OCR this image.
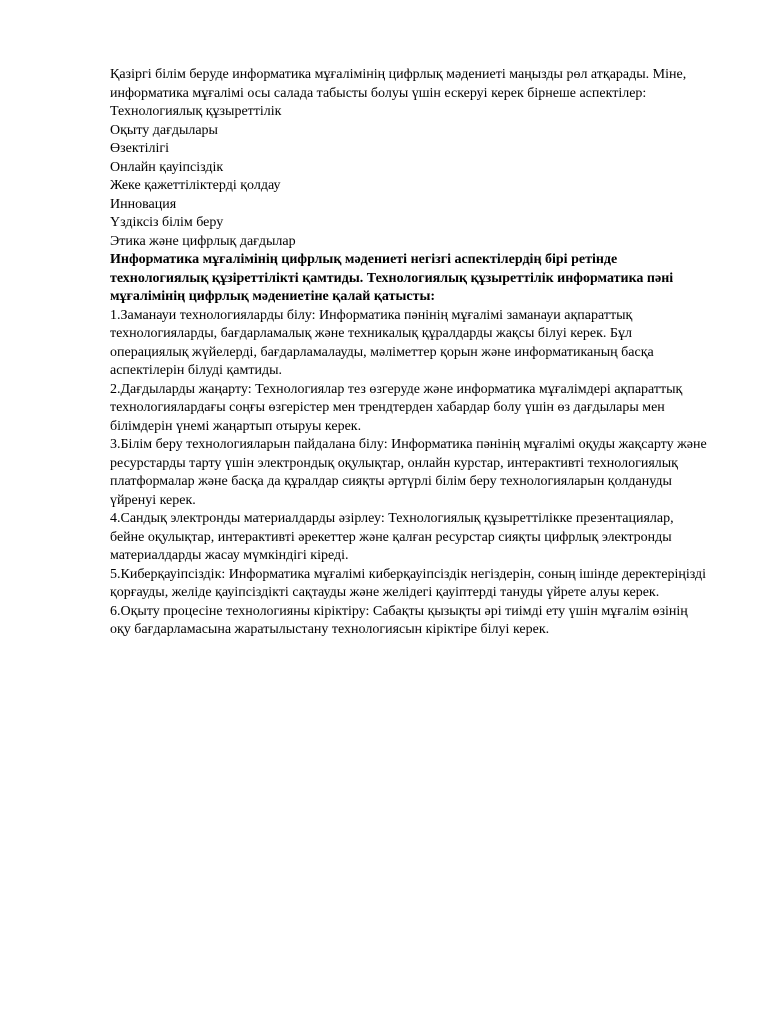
Қазіргі білім беруде информатика мұғалімінің цифрлық мәдениеті маңызды рөл атқарады. Міне, информатика мұғалімі осы салада табысты болуы үшін ескеруі керек бірнеше аспектілер:

Технологиялық құзыреттілік

Оқыту дағдылары

Өзектілігі

Онлайн қауіпсіздік

Жеке қажеттіліктерді қолдау

Инновация

Үздіксіз білім беру

Этика және цифрлық дағдылар

Информатика мұғалімінің цифрлық мәдениеті негізгі аспектілердің бірі ретінде технологиялық құзіреттілікті қамтиды. Технологиялық құзыреттілік информатика пәні мұғалімінің цифрлық мәдениетіне қалай қатысты:

1.Заманауи технологияларды білу: Информатика пәнінің мұғалімі заманауи ақпараттық технологияларды, бағдарламалық және техникалық құралдарды жақсы білуі керек. Бұл операциялық жүйелерді, бағдарламалауды, мәліметтер қорын және информатиканың басқа аспектілерін білуді қамтиды.

2.Дағдыларды жаңарту: Технологиялар тез өзгеруде және информатика мұғалімдері ақпараттық технологиялардағы соңғы өзгерістер мен трендтерден хабардар болу үшін өз дағдылары мен білімдерін үнемі жаңартып отыруы керек.

3.Білім беру технологияларын пайдалана білу: Информатика пәнінің мұғалімі оқуды жақсарту және ресурстарды тарту үшін электрондық оқулықтар, онлайн курстар, интерактивті технологиялық платформалар және басқа да құралдар сияқты әртүрлі білім беру технологияларын қолдануды үйренуі керек.

4.Сандық электронды материалдарды әзірлеу: Технологиялық құзыреттілікке презентациялар, бейне оқулықтар, интерактивті әрекеттер және қалған ресурстар сияқты цифрлық электронды материалдарды жасау мүмкіндігі кіреді.

5.Киберқауіпсіздік: Информатика мұғалімі киберқауіпсіздік негіздерін, соның ішінде деректеріңізді қорғауды, желіде қауіпсіздікті сақтауды және желідегі қауіптерді тануды үйрете алуы керек.

6.Оқыту процесіне технологияны кіріктіру: Сабақты қызықты әрі тиімді ету үшін мұғалім өзінің оқу бағдарламасына жаратылыстану технологиясын кіріктіре білуі керек.
